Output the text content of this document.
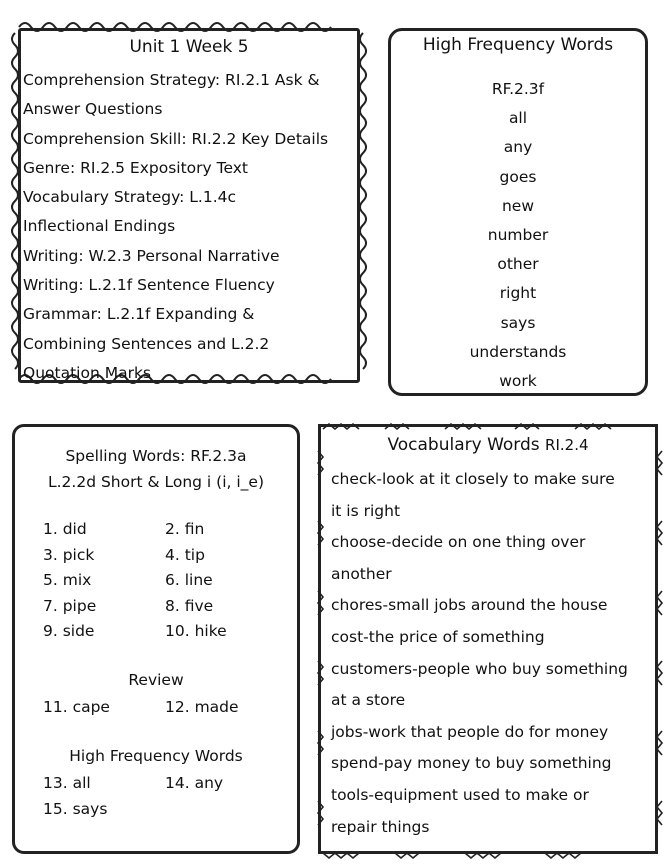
Unit 1 Week 5
Comprehension Strategy: RI.2.1 Ask &
Answer Questions
Comprehension Skill: RI.2.2 Key Details
Genre: RI.2.5 Expository Text
Vocabulary Strategy: L.1.4c
Inflectional Endings
Writing: W.2.3 Personal Narrative
Writing: L.2.1f Sentence Fluency
Grammar: L.2.1f Expanding &
Combining Sentences and L.2.2
Quotation Marks
High Frequency Words
RF.2.3f
all
any
goes
new
number
other
right
says
understands
work
Spelling Words: RF.2.3a
L.2.2d Short & Long i (i, i_e)
1. did	2. fin
3. pick	4. tip
5. mix	6. line
7. pipe	8. five
9. side	10. hike
Review
11. cape	12. made
High Frequency Words
13. all	14. any
15. says
Vocabulary Words RI.2.4
check-look at it closely to make sure
it is right
choose-decide on one thing over
another
chores-small jobs around the house
cost-the price of something
customers-people who buy something
at a store
jobs-work that people do for money
spend-pay money to buy something
tools-equipment used to make or
repair things
